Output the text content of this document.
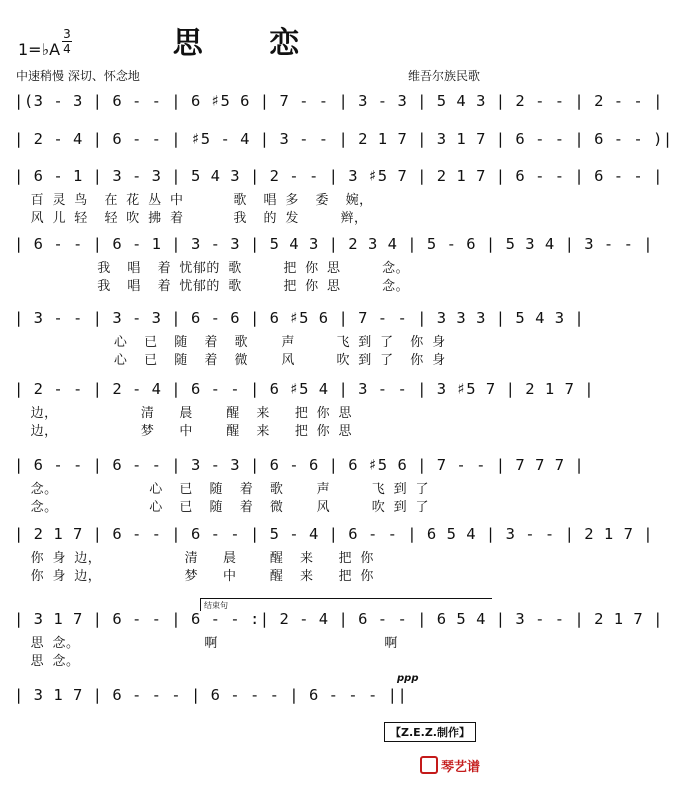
思 恋
1=♭A
3
4
中速稍慢 深切、怀念地	维吾尔族民歌
|(3 - 3 | 6 - - | 6 ♯5 6 | 7 - - | 3 - 3 | 5 4 3 | 2 - - | 2 - - |
| 2 - 4 | 6 - - | ♯5 - 4 | 3 - - | 2 1 7 | 3 1 7 | 6 - - | 6 - - )|
| 6 - 1 | 3 - 3 | 5 4 3 | 2 - - | 3 ♯5 7 | 2 1 7 | 6 - - | 6 - - |
百 灵 鸟  在 花 丛 中      歌  唱 多  委  婉，
风 儿 轻  轻 吹 拂 着      我  的 发     辫，
| 6 - - | 6 - 1 | 3 - 3 | 5 4 3 | 2 3 4 | 5 - 6 | 5 3 4 | 3 - - |
我  唱  着 忧郁的 歌     把 你 思     念。
我  唱  着 忧郁的 歌     把 你 思     念。
| 3 - - | 3 - 3 | 6 - 6 | 6 ♯5 6 | 7 - - | 3 3 3 | 5 4 3 |
心  已  随  着  歌    声     飞 到 了  你 身
心  已  随  着  微    风     吹 到 了  你 身
| 2 - - | 2 - 4 | 6 - - | 6 ♯5 4 | 3 - - | 3 ♯5 7 | 2 1 7 |
边，          清   晨    醒  来   把 你 思
边，          梦   中    醒  来   把 你 思
| 6 - - | 6 - - | 3 - 3 | 6 - 6 | 6 ♯5 6 | 7 - - | 7 7 7 |
念。           心  已  随  着  歌    声     飞 到 了
念。           心  已  随  着  微    风     吹 到 了
| 2 1 7 | 6 - - | 6 - - | 5 - 4 | 6 - - | 6 5 4 | 3 - - | 2 1 7 |
你 身 边，          清   晨    醒  来   把 你
你 身 边，          梦   中    醒  来   把 你
结束句
| 3 1 7 | 6 - - | 6 - - :| 2 - 4 | 6 - - | 6 5 4 | 3 - - | 2 1 7 |
思 念。               啊                    啊
思 念。
ppp
| 3 1 7 | 6 - - - | 6 - - - | 6 - - - ||
【Z.E.Z.制作】
琴艺谱
